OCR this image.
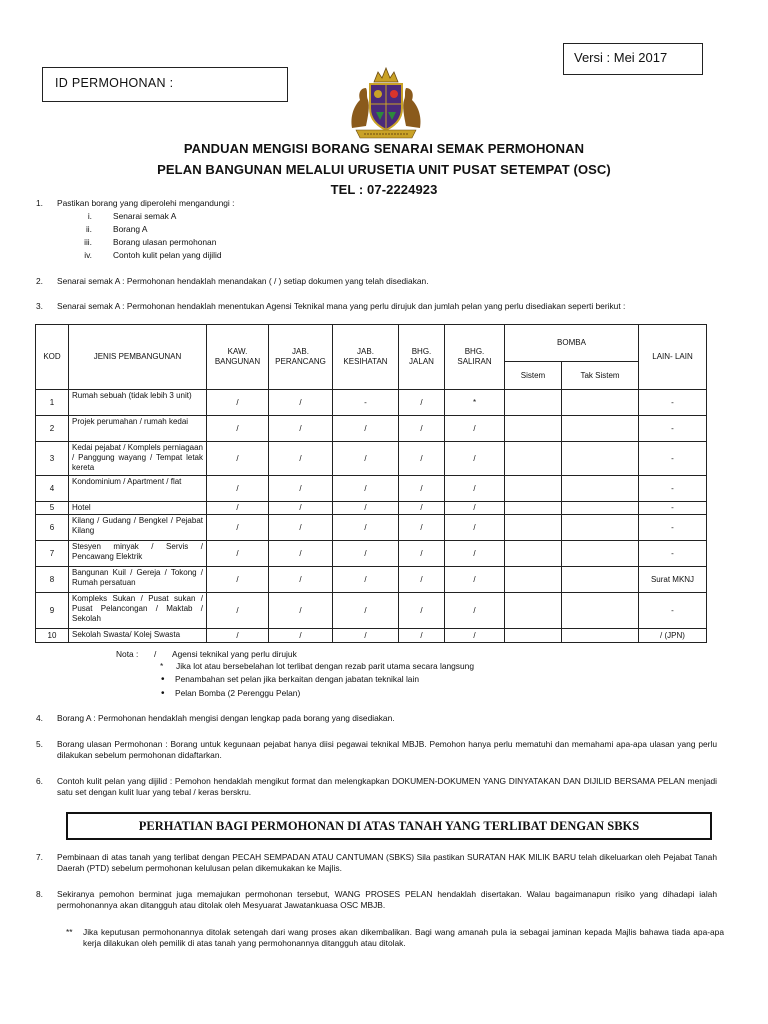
Versi : Mei 2017
ID PERMOHONAN :
PANDUAN MENGISI BORANG SENARAI SEMAK PERMOHONAN
PELAN BANGUNAN MELALUI URUSETIA UNIT PUSAT SETEMPAT (OSC)
TEL : 07-2224923
1. Pastikan borang yang diperolehi mengandungi :
i.	Senarai semak A
ii.	Borang A
iii.	Borang ulasan permohonan
iv.	Contoh kulit pelan yang dijilid
2. Senarai semak A : Permohonan hendaklah menandakan ( / ) setiap dokumen yang telah disediakan.
3. Senarai semak A : Permohonan hendaklah menentukan Agensi Teknikal mana yang perlu dirujuk dan jumlah pelan yang perlu disediakan seperti berikut :
KOD	JENIS PEMBANGUNAN	KAW. BANGUNAN	JAB. PERANCANG	JAB. KESIHATAN	BHG. JALAN	BHG. SALIRAN	BOMBA		LAIN- LAIN
							Sistem	Tak Sistem	
1	Rumah sebuah (tidak lebih 3 unit)	/	/	-	/	*			-
2	Projek perumahan / rumah kedai	/	/	/	/	/			-
3	Kedai pejabat / Komplels perniagaan / Panggung wayang / Tempat letak kereta	/	/	/	/	/			-
4	Kondominium / Apartment / flat	/	/	/	/	/			-
5	Hotel	/	/	/	/	/			-
6	Kilang / Gudang / Bengkel / Pejabat Kilang	/	/	/	/	/			-
7	Stesyen minyak / Servis / Pencawang Elektrik	/	/	/	/	/			-
8	Bangunan Kuil / Gereja / Tokong / Rumah persatuan	/	/	/	/	/			Surat MKNJ
9	Kompleks Sukan / Pusat sukan / Pusat Pelancongan / Maktab / Sekolah	/	/	/	/	/			-
10	Sekolah Swasta/ Kolej Swasta	/	/	/	/	/			/ (JPN)
Nota : / Agensi teknikal yang perlu dirujuk
* Jika lot atau bersebelahan lot terlibat dengan rezab parit utama secara langsung
• Penambahan set pelan jika berkaitan dengan jabatan teknikal lain
• Pelan Bomba (2 Perenggu Pelan)
4. Borang A : Permohonan hendaklah mengisi dengan lengkap pada borang yang disediakan.
5. Borang ulasan Permohonan : Borang untuk kegunaan pejabat hanya diisi pegawai teknikal MBJB. Pemohon hanya perlu mematuhi dan memahami apa-apa ulasan yang perlu dilakukan sebelum permohonan didaftarkan.
6. Contoh kulit pelan yang dijilid : Pemohon hendaklah mengikut format dan melengkapkan DOKUMEN-DOKUMEN YANG DINYATAKAN DAN DIJILID BERSAMA PELAN menjadi satu set dengan kulit luar yang tebal / keras berskru.
PERHATIAN BAGI PERMOHONAN DI ATAS TANAH YANG TERLIBAT DENGAN SBKS
7. Pembinaan di atas tanah yang terlibat dengan PECAH SEMPADAN ATAU CANTUMAN (SBKS) Sila pastikan SURATAN HAK MILIK BARU telah dikeluarkan oleh Pejabat Tanah Daerah (PTD) sebelum permohonan kelulusan pelan dikemukakan ke Majlis.
8. Sekiranya pemohon berminat juga memajukan permohonan tersebut, WANG PROSES PELAN hendaklah disertakan. Walau bagaimanapun risiko yang dihadapi ialah permohonannya akan ditangguh atau ditolak oleh Mesyuarat Jawatankuasa OSC MBJB.
** Jika keputusan permohonannya ditolak setengah dari wang proses akan dikembalikan. Bagi wang amanah pula ia sebagai jaminan kepada Majlis bahawa tiada apa-apa kerja dilakukan oleh pemilik di atas tanah yang permohonannya ditangguh atau ditolak.
